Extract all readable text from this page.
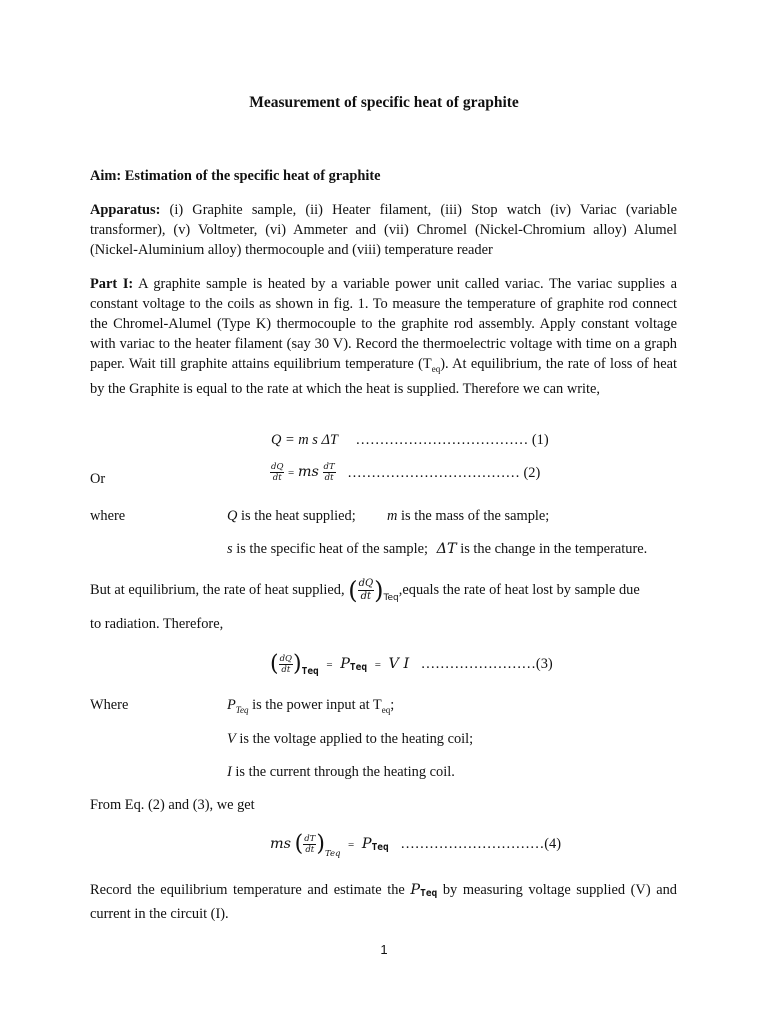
Measurement of specific heat of graphite
Aim: Estimation of the specific heat of graphite
Apparatus: (i) Graphite sample, (ii) Heater filament, (iii) Stop watch (iv) Variac (variable transformer), (v) Voltmeter, (vi) Ammeter and (vii) Chromel (Nickel-Chromium alloy) Alumel (Nickel-Aluminium alloy) thermocouple and (viii) temperature reader
Part I: A graphite sample is heated by a variable power unit called variac. The variac supplies a constant voltage to the coils as shown in fig. 1. To measure the temperature of graphite rod connect the Chromel-Alumel (Type K) thermocouple to the graphite rod assembly. Apply constant voltage with variac to the heater filament (say 30 V). Record the thermoelectric voltage with time on a graph paper. Wait till graphite attains equilibrium temperature $(T_{eq})$. At equilibrium, the rate of loss of heat by the Graphite is equal to the rate at which the heat is supplied. Therefore we can write,
Q = m s ΔT ……………………………… (1)
Or	$\frac{dQ}{dt}$ = ms $\frac{dT}{dt}$ ……………………………… (2)
where	Q is the heat supplied; m is the mass of the sample;
s is the specific heat of the sample; ΔT is the change in the temperature.
But at equilibrium, the rate of heat supplied, ( $\frac{dQ}{dt}$ )$_{Teq},equals$ the rate of heat lost by sample due
to radiation. Therefore,
( $\frac{dQ}{dt} )_{Teq}$ = PTeq = V I ……………………(3)
Where	$P_{Teq}$ is the power input at $T_{eq}$;
V is the voltage applied to the heating coil;
I is the current through the heating coil.
From Eq. (2) and (3), we get
ms ( $\frac{dT}{dt} )_{Teq}$ = PTeq …………………………(4)
Record the equilibrium temperature and estimate the PTeq by measuring voltage supplied (V) and current in the circuit (I).
1
